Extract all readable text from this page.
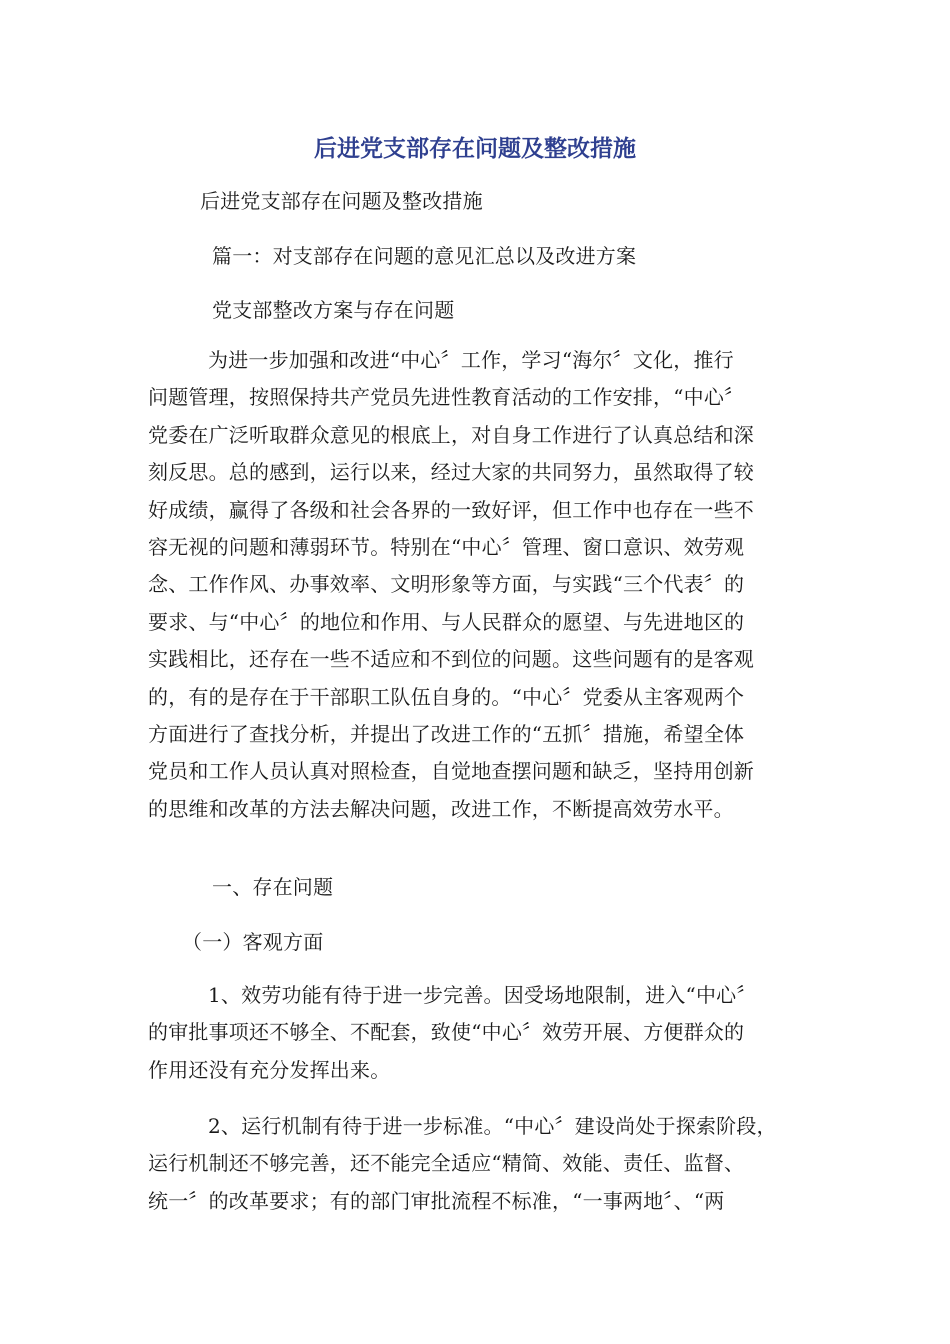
后进党支部存在问题及整改措施
后进党支部存在问题及整改措施
篇一：对支部存在问题的意见汇总以及改进方案
党支部整改方案与存在问题
为进一步加强和改进“中心〞工作，学习“海尔〞文化，推行
问题管理，按照保持共产党员先进性教育活动的工作安排，“中心〞
党委在广泛听取群众意见的根底上，对自身工作进行了认真总结和深
刻反思。总的感到，运行以来，经过大家的共同努力，虽然取得了较
好成绩，赢得了各级和社会各界的一致好评，但工作中也存在一些不
容无视的问题和薄弱环节。特别在“中心〞管理、窗口意识、效劳观
念、工作作风、办事效率、文明形象等方面，与实践“三个代表〞的
要求、与“中心〞的地位和作用、与人民群众的愿望、与先进地区的
实践相比，还存在一些不适应和不到位的问题。这些问题有的是客观
的，有的是存在于干部职工队伍自身的。“中心〞党委从主客观两个
方面进行了查找分析，并提出了改进工作的“五抓〞措施，希望全体
党员和工作人员认真对照检查，自觉地查摆问题和缺乏，坚持用创新
的思维和改革的方法去解决问题，改进工作，不断提高效劳水平。
一、存在问题
（一）客观方面
1、效劳功能有待于进一步完善。因受场地限制，进入“中心〞
的审批事项还不够全、不配套，致使“中心〞效劳开展、方便群众的
作用还没有充分发挥出来。
2、运行机制有待于进一步标准。“中心〞建设尚处于探索阶段，
运行机制还不够完善，还不能完全适应“精简、效能、责任、监督、
统一〞的改革要求；有的部门审批流程不标准，“一事两地〞、“两
